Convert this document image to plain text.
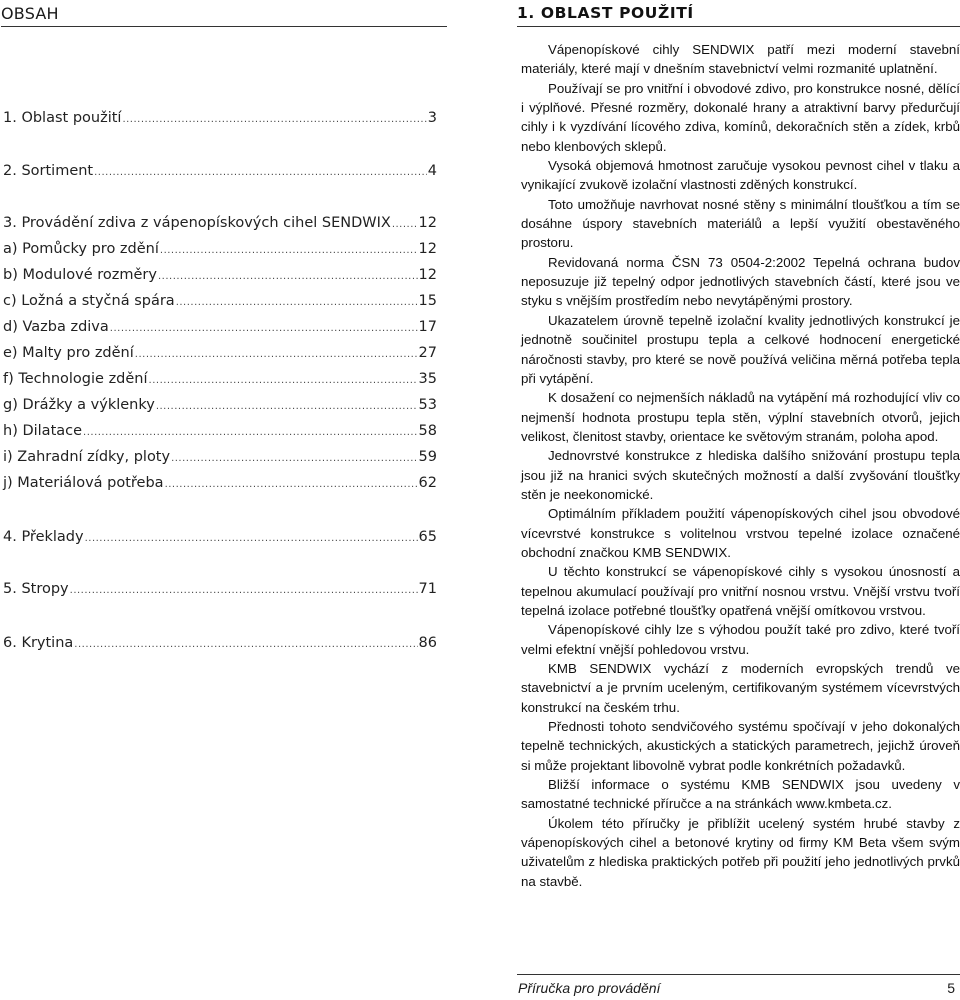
OBSAH
1. Oblast použití .....	3
2. Sortiment .....	4
3. Provádění zdiva z vápenopískových cihel SENDWIX ..... 12
a) Pomůcky pro zdění .....	12
b) Modulové rozměry .....	12
c) Ložná a styčná spára .....	15
d) Vazba zdiva .....	17
e) Malty pro zdění .....	27
f) Technologie zdění .....	35
g) Drážky a výklenky .....	53
h) Dilatace .....	58
i) Zahradní zídky, ploty .....	59
j) Materiálová potřeba .....	62
4. Překlady .....	65
5. Stropy .....	71
6. Krytina .....	86
1. OBLAST POUŽITÍ

Vápenopískové cihly SENDWIX patří mezi moderní stavební materiály, které mají v dnešním stavebnictví velmi rozmanité uplatnění.

Používají se pro vnitřní i obvodové zdivo, pro konstrukce nosné, dělící i výplňové. Přesné rozměry, dokonalé hrany a atraktivní barvy předurčují cihly i k vyzdívání lícového zdiva, komínů, dekoračních stěn a zídek, krbů nebo klenbových sklepů.

Vysoká objemová hmotnost zaručuje vysokou pevnost cihel v tlaku a vynikající zvukově izolační vlastnosti zděných konstrukcí.

Toto umožňuje navrhovat nosné stěny s minimální tloušťkou a tím se dosáhne úspory stavebních materiálů a lepší využití obestavěného prostoru.

Revidovaná norma ČSN 73 0504-2:2002 Tepelná ochrana budov neposuzuje již tepelný odpor jednotlivých stavebních částí, které jsou ve styku s vnějším prostředím nebo nevytápěnými prostory.

Ukazatelem úrovně tepelně izolační kvality jednotlivých konstrukcí je jednotně součinitel prostupu tepla a celkové hodnocení energetické náročnosti stavby, pro které se nově používá veličina měrná potřeba tepla při vytápění.

K dosažení co nejmenších nákladů na vytápění má rozhodující vliv co nejmenší hodnota prostupu tepla stěn, výplní stavebních otvorů, jejich velikost, členitost stavby, orientace ke světovým stranám, poloha apod.

Jednovrstvé konstrukce z hlediska dalšího snižování prostupu tepla jsou již na hranici svých skutečných možností a další zvyšování tloušťky stěn je neekonomické.

Optimálním příkladem použití vápenopískových cihel jsou obvodové vícevrstvé konstrukce s volitelnou vrstvou tepelné izolace označené obchodní značkou KMB SENDWIX.

U těchto konstrukcí se vápenopískové cihly s vysokou únosností a tepelnou akumulací používají pro vnitřní nosnou vrstvu. Vnější vrstvu tvoří tepelná izolace potřebné tloušťky opatřená vnější omítkovou vrstvou.

Vápenopískové cihly lze s výhodou použít také pro zdivo, které tvoří velmi efektní vnější pohledovou vrstvu.

KMB SENDWIX vychází z moderních evropských trendů ve stavebnictví a je prvním uceleným, certifikovaným systémem vícevrstvých konstrukcí na českém trhu.

Přednosti tohoto sendvičového systému spočívají v jeho dokonalých tepelně technických, akustických a statických parametrech, jejichž úroveň si může projektant libovolně vybrat podle konkrétních požadavků.

Bližší informace o systému KMB SENDWIX jsou uvedeny v samostatné technické příručce a na stránkách www.kmbeta.cz.

Úkolem této příručky je přiblížit ucelený systém hrubé stavby z vápenopískových cihel a betonové krytiny od firmy KM Beta všem svým uživatelům z hlediska praktických potřeb při použití jeho jednotlivých prvků na stavbě.

Příručka pro provádění	5
